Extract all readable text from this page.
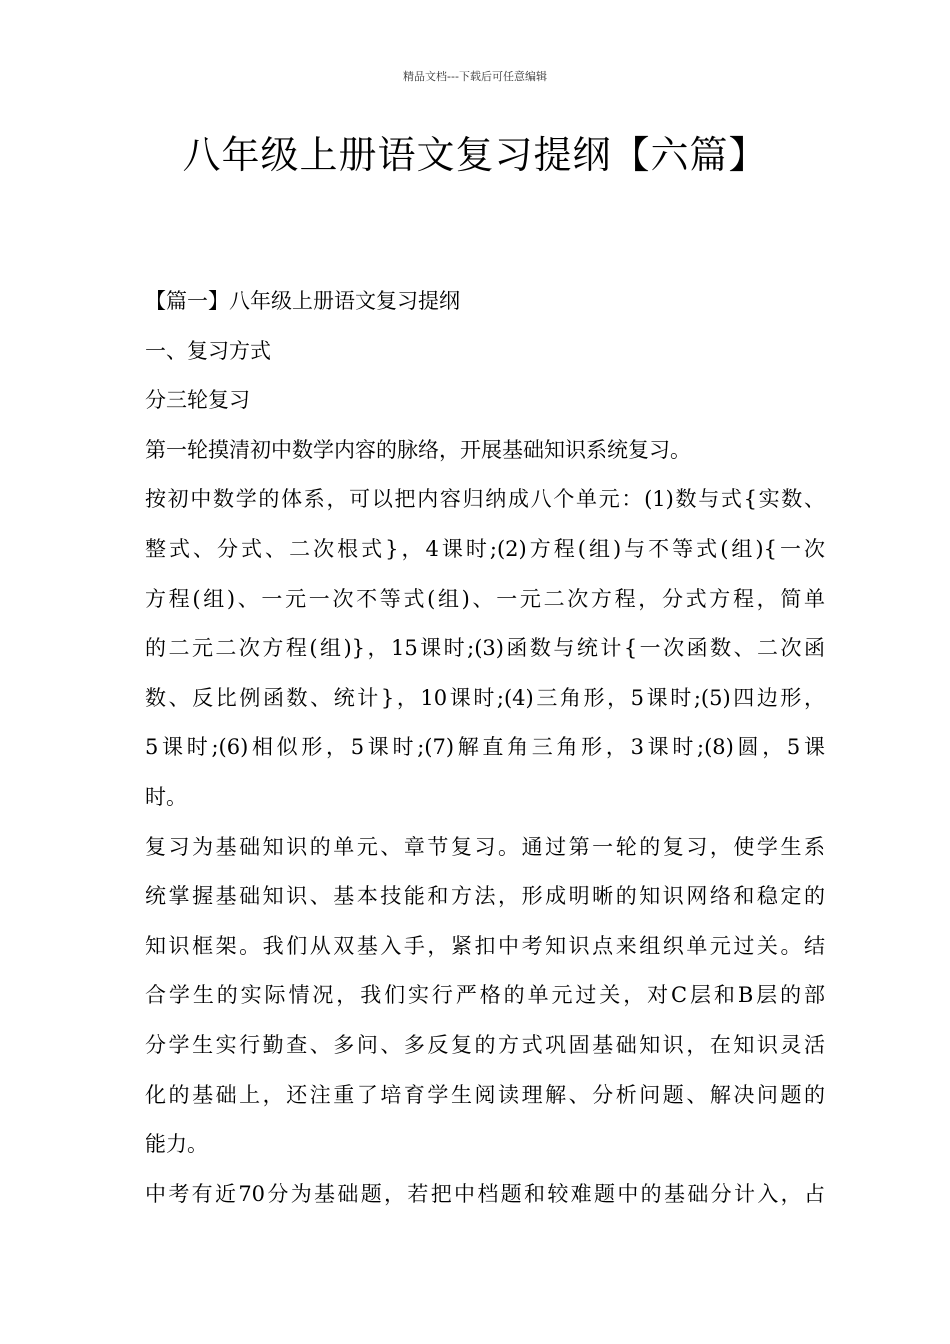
精品文档---下载后可任意编辑
八年级上册语文复习提纲【六篇】
【篇一】八年级上册语文复习提纲
一、复习方式
分三轮复习
第一轮摸清初中数学内容的脉络，开展基础知识系统复习。
按初中数学的体系，可以把内容归纳成八个单元：(1)数与式{实数、
整式、分式、二次根式}，4课时;(2)方程(组)与不等式(组){一次
方程(组)、一元一次不等式(组)、一元二次方程，分式方程，简单
的二元二次方程(组)}，15课时;(3)函数与统计{一次函数、二次函
数、反比例函数、统计}，10课时;(4)三角形，5课时;(5)四边形，
5课时;(6)相似形，5课时;(7)解直角三角形，3课时;(8)圆，5课
时。
复习为基础知识的单元、章节复习。通过第一轮的复习，使学生系
统掌握基础知识、基本技能和方法，形成明晰的知识网络和稳定的
知识框架。我们从双基入手，紧扣中考知识点来组织单元过关。结
合学生的实际情况，我们实行严格的单元过关，对C层和B层的部
分学生实行勤查、多问、多反复的方式巩固基础知识，在知识灵活
化的基础上，还注重了培育学生阅读理解、分析问题、解决问题的
能力。
中考有近70分为基础题，若把中档题和较难题中的基础分计入，占
